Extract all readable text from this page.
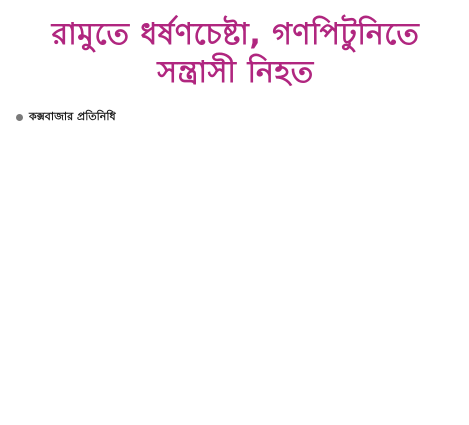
রামুতে ধর্ষণচেষ্টা, গণপিটুনিতে
সন্ত্রাসী নিহত
কক্সবাজার প্রতিনিধি
